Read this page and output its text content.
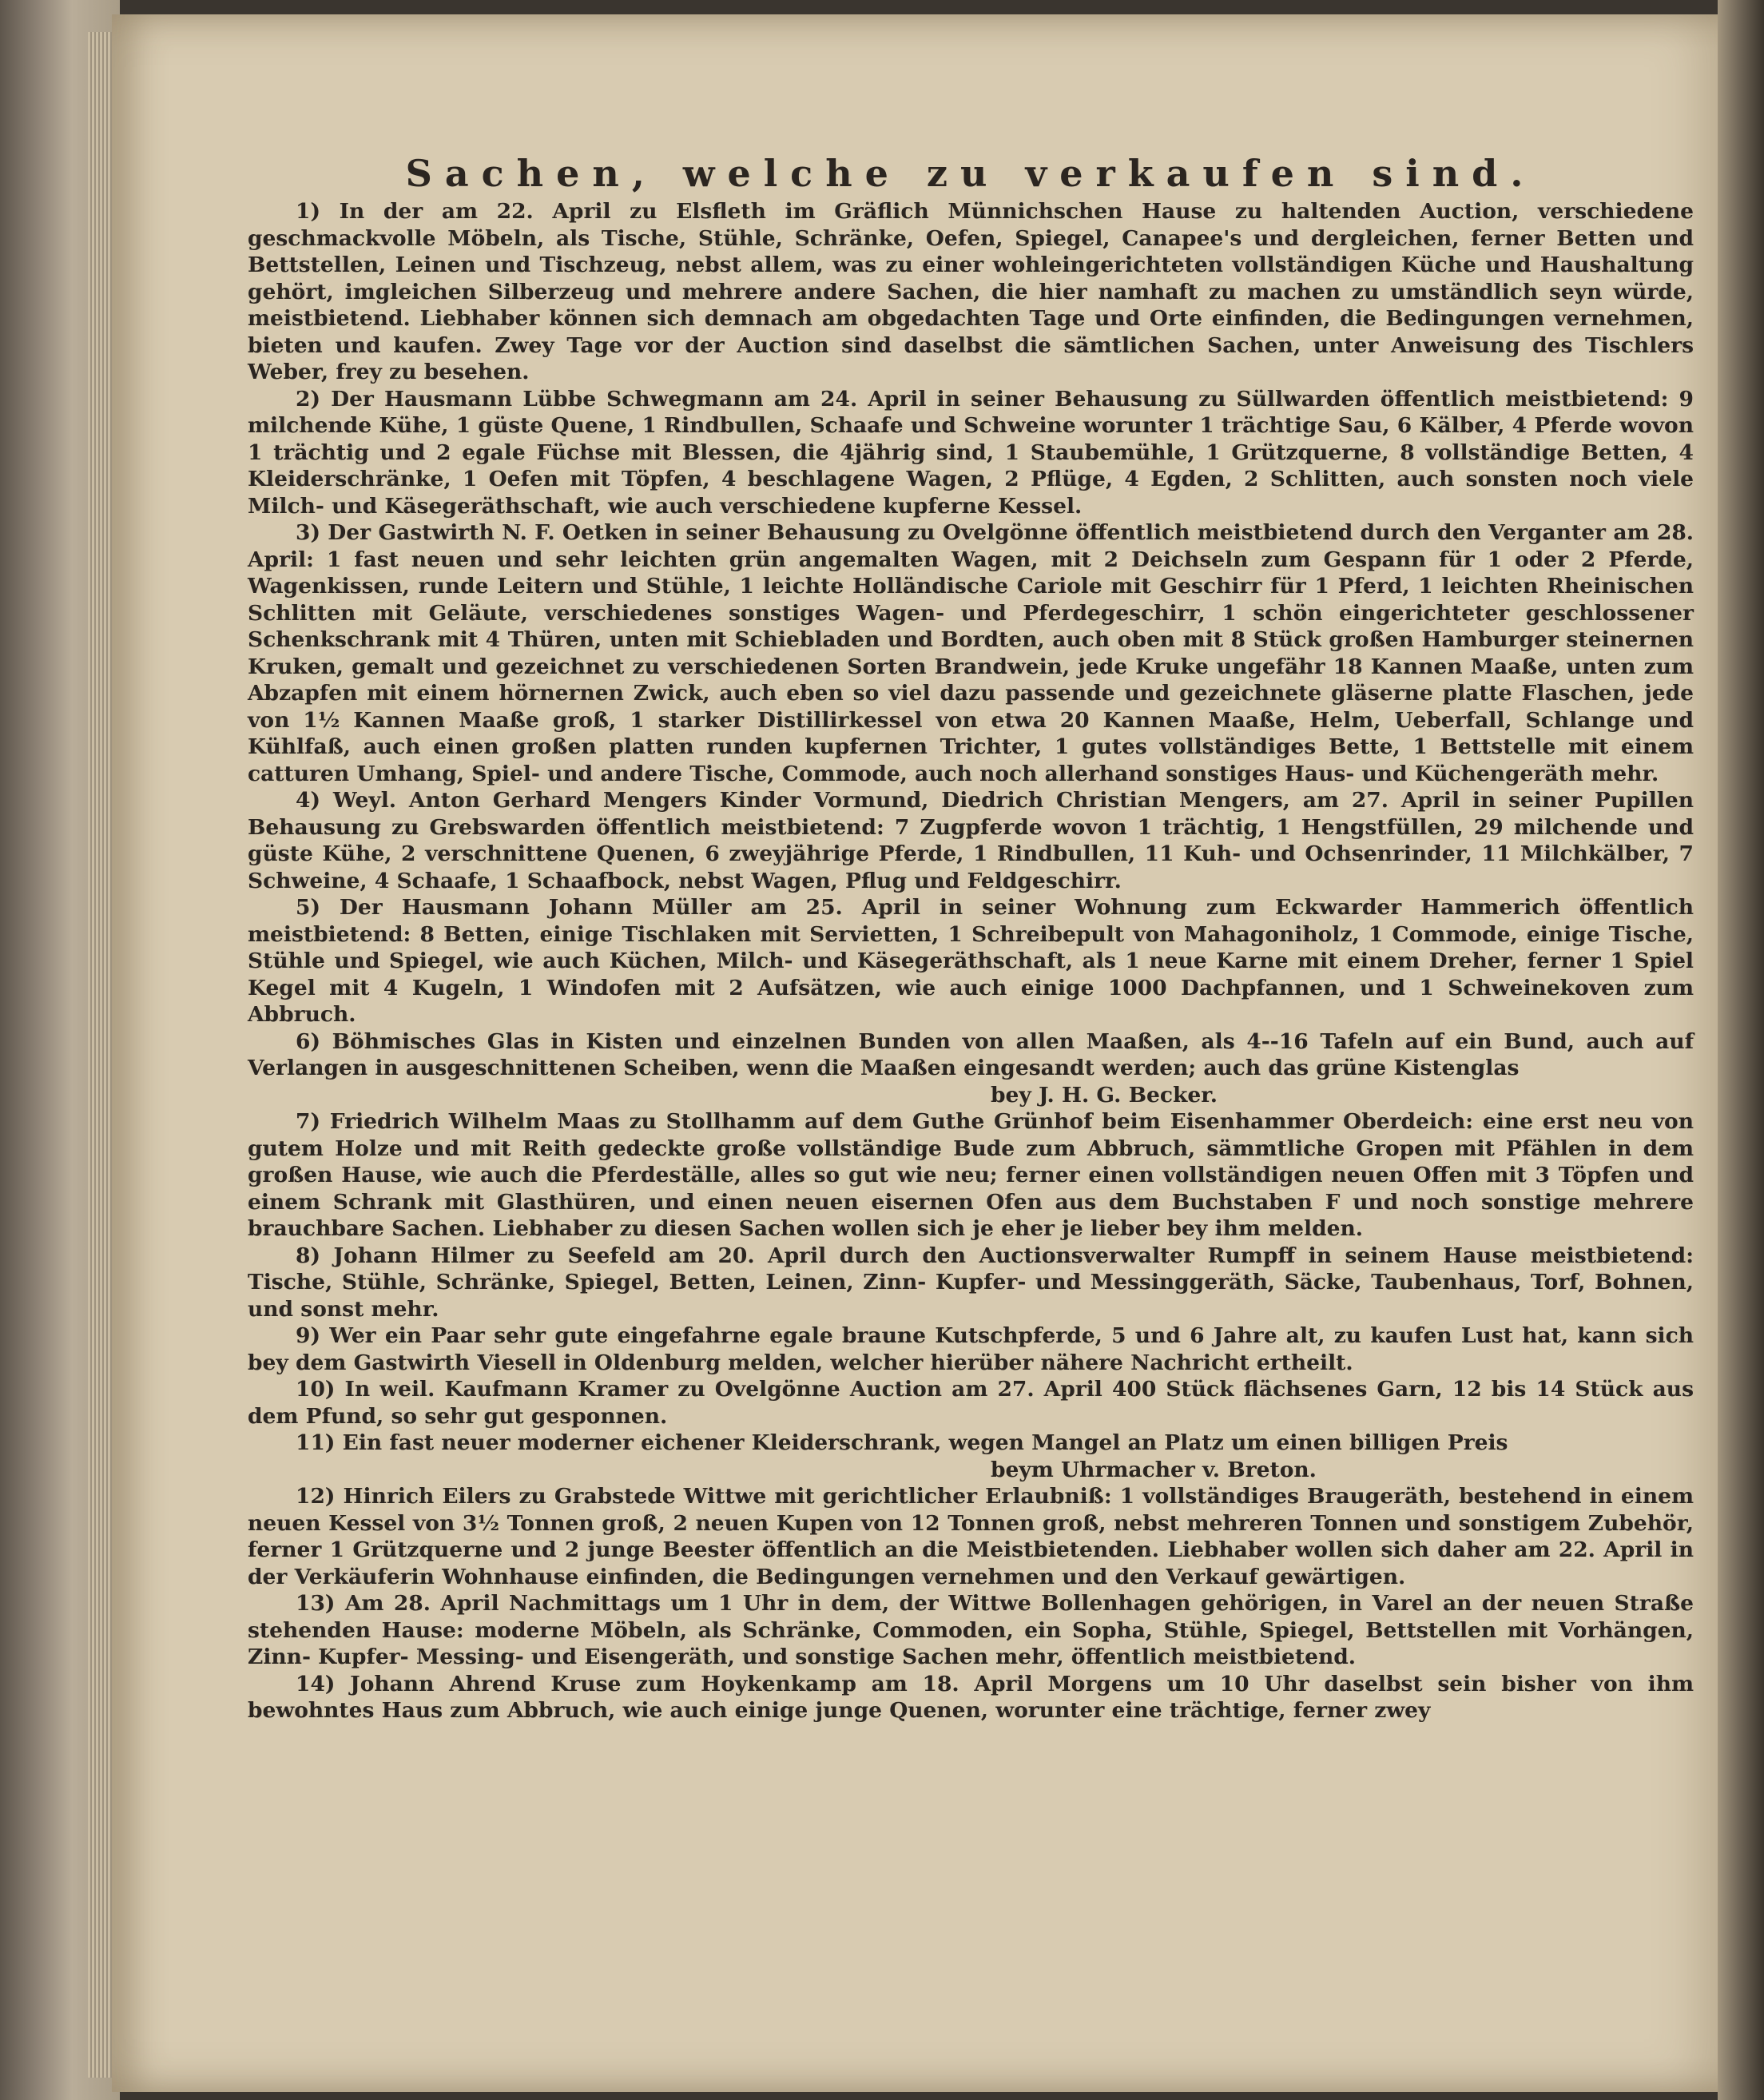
Sachen, welche zu verkaufen sind.

1) In der am 22. April zu Elsfleth im Gräflich Münnichschen Hause zu haltenden Auction, verschiedene geschmackvolle Möbeln, als Tische, Stühle, Schränke, Oefen, Spiegel, Canapee's und dergleichen, ferner Betten und Bettstellen, Leinen und Tischzeug, nebst allem, was zu einer wohleingerichteten vollständigen Küche und Haushaltung gehört, imgleichen Silberzeug und mehrere andere Sachen, die hier namhaft zu machen zu umständlich seyn würde, meistbietend. Liebhaber können sich demnach am obgedachten Tage und Orte einfinden, die Bedingungen vernehmen, bieten und kaufen. Zwey Tage vor der Auction sind daselbst die sämtlichen Sachen, unter Anweisung des Tischlers Weber, frey zu besehen.

2) Der Hausmann Lübbe Schwegmann am 24. April in seiner Behausung zu Süllwarden öffentlich meistbietend: 9 milchende Kühe, 1 güste Quene, 1 Rindbullen, Schaafe und Schweine worunter 1 trächtige Sau, 6 Kälber, 4 Pferde wovon 1 trächtig und 2 egale Füchse mit Blessen, die 4jährig sind, 1 Staubemühle, 1 Grützquerne, 8 vollständige Betten, 4 Kleiderschränke, 1 Oefen mit Töpfen, 4 beschlagene Wagen, 2 Pflüge, 4 Egden, 2 Schlitten, auch sonsten noch viele Milch- und Käsegeräthschaft, wie auch verschiedene kupferne Kessel.

3) Der Gastwirth N. F. Oetken in seiner Behausung zu Ovelgönne öffentlich meistbietend durch den Verganter am 28. April: 1 fast neuen und sehr leichten grün angemalten Wagen, mit 2 Deichseln zum Gespann für 1 oder 2 Pferde, Wagenkissen, runde Leitern und Stühle, 1 leichte Holländische Cariole mit Geschirr für 1 Pferd, 1 leichten Rheinischen Schlitten mit Geläute, verschiedenes sonstiges Wagen- und Pferdegeschirr, 1 schön eingerichteter geschlossener Schenkschrank mit 4 Thüren, unten mit Schiebladen und Bordten, auch oben mit 8 Stück großen Hamburger steinernen Kruken, gemalt und gezeichnet zu verschiedenen Sorten Brandwein, jede Kruke ungefähr 18 Kannen Maaße, unten zum Abzapfen mit einem hörnernen Zwick, auch eben so viel dazu passende und gezeichnete gläserne platte Flaschen, jede von 1½ Kannen Maaße groß, 1 starker Distillirkessel von etwa 20 Kannen Maaße, Helm, Ueberfall, Schlange und Kühlfaß, auch einen großen platten runden kupfernen Trichter, 1 gutes vollständiges Bette, 1 Bettstelle mit einem catturen Umhang, Spiel- und andere Tische, Commode, auch noch allerhand sonstiges Haus- und Küchengeräth mehr.

4) Weyl. Anton Gerhard Mengers Kinder Vormund, Diedrich Christian Mengers, am 27. April in seiner Pupillen Behausung zu Grebswarden öffentlich meistbietend: 7 Zugpferde wovon 1 trächtig, 1 Hengstfüllen, 29 milchende und güste Kühe, 2 verschnittene Quenen, 6 zweyjährige Pferde, 1 Rindbullen, 11 Kuh- und Ochsenrinder, 11 Milchkälber, 7 Schweine, 4 Schaafe, 1 Schaafbock, nebst Wagen, Pflug und Feldgeschirr.

5) Der Hausmann Johann Müller am 25. April in seiner Wohnung zum Eckwarder Hammerich öffentlich meistbietend: 8 Betten, einige Tischlaken mit Servietten, 1 Schreibepult von Mahagoniholz, 1 Commode, einige Tische, Stühle und Spiegel, wie auch Küchen, Milch- und Käsegeräthschaft, als 1 neue Karne mit einem Dreher, ferner 1 Spiel Kegel mit 4 Kugeln, 1 Windofen mit 2 Aufsätzen, wie auch einige 1000 Dachpfannen, und 1 Schweinekoven zum Abbruch.

6) Böhmisches Glas in Kisten und einzelnen Bunden von allen Maaßen, als 4--16 Tafeln auf ein Bund, auch auf Verlangen in ausgeschnittenen Scheiben, wenn die Maaßen eingesandt werden; auch das grüne Kistenglas

bey J. H. G. Becker.

7) Friedrich Wilhelm Maas zu Stollhamm auf dem Guthe Grünhof beim Eisenhammer Oberdeich: eine erst neu von gutem Holze und mit Reith gedeckte große vollständige Bude zum Abbruch, sämmtliche Gropen mit Pfählen in dem großen Hause, wie auch die Pferdeställe, alles so gut wie neu; ferner einen vollständigen neuen Offen mit 3 Töpfen und einem Schrank mit Glasthüren, und einen neuen eisernen Ofen aus dem Buchstaben F und noch sonstige mehrere brauchbare Sachen. Liebhaber zu diesen Sachen wollen sich je eher je lieber bey ihm melden.

8) Johann Hilmer zu Seefeld am 20. April durch den Auctionsverwalter Rumpff in seinem Hause meistbietend: Tische, Stühle, Schränke, Spiegel, Betten, Leinen, Zinn- Kupfer- und Messinggeräth, Säcke, Taubenhaus, Torf, Bohnen, und sonst mehr.

9) Wer ein Paar sehr gute eingefahrne egale braune Kutschpferde, 5 und 6 Jahre alt, zu kaufen Lust hat, kann sich bey dem Gastwirth Viesell in Oldenburg melden, welcher hierüber nähere Nachricht ertheilt.

10) In weil. Kaufmann Kramer zu Ovelgönne Auction am 27. April 400 Stück flächsenes Garn, 12 bis 14 Stück aus dem Pfund, so sehr gut gesponnen.

11) Ein fast neuer moderner eichener Kleiderschrank, wegen Mangel an Platz um einen billigen Preis

beym Uhrmacher v. Breton.

12) Hinrich Eilers zu Grabstede Wittwe mit gerichtlicher Erlaubniß: 1 vollständiges Braugeräth, bestehend in einem neuen Kessel von 3½ Tonnen groß, 2 neuen Kupen von 12 Tonnen groß, nebst mehreren Tonnen und sonstigem Zubehör, ferner 1 Grützquerne und 2 junge Beester öffentlich an die Meistbietenden. Liebhaber wollen sich daher am 22. April in der Verkäuferin Wohnhause einfinden, die Bedingungen vernehmen und den Verkauf gewärtigen.

13) Am 28. April Nachmittags um 1 Uhr in dem, der Wittwe Bollenhagen gehörigen, in Varel an der neuen Straße stehenden Hause: moderne Möbeln, als Schränke, Commoden, ein Sopha, Stühle, Spiegel, Bettstellen mit Vorhängen, Zinn- Kupfer- Messing- und Eisengeräth, und sonstige Sachen mehr, öffentlich meistbietend.

14) Johann Ahrend Kruse zum Hoykenkamp am 18. April Morgens um 10 Uhr daselbst sein bisher von ihm bewohntes Haus zum Abbruch, wie auch einige junge Quenen, worunter eine trächtige, ferner zwey
